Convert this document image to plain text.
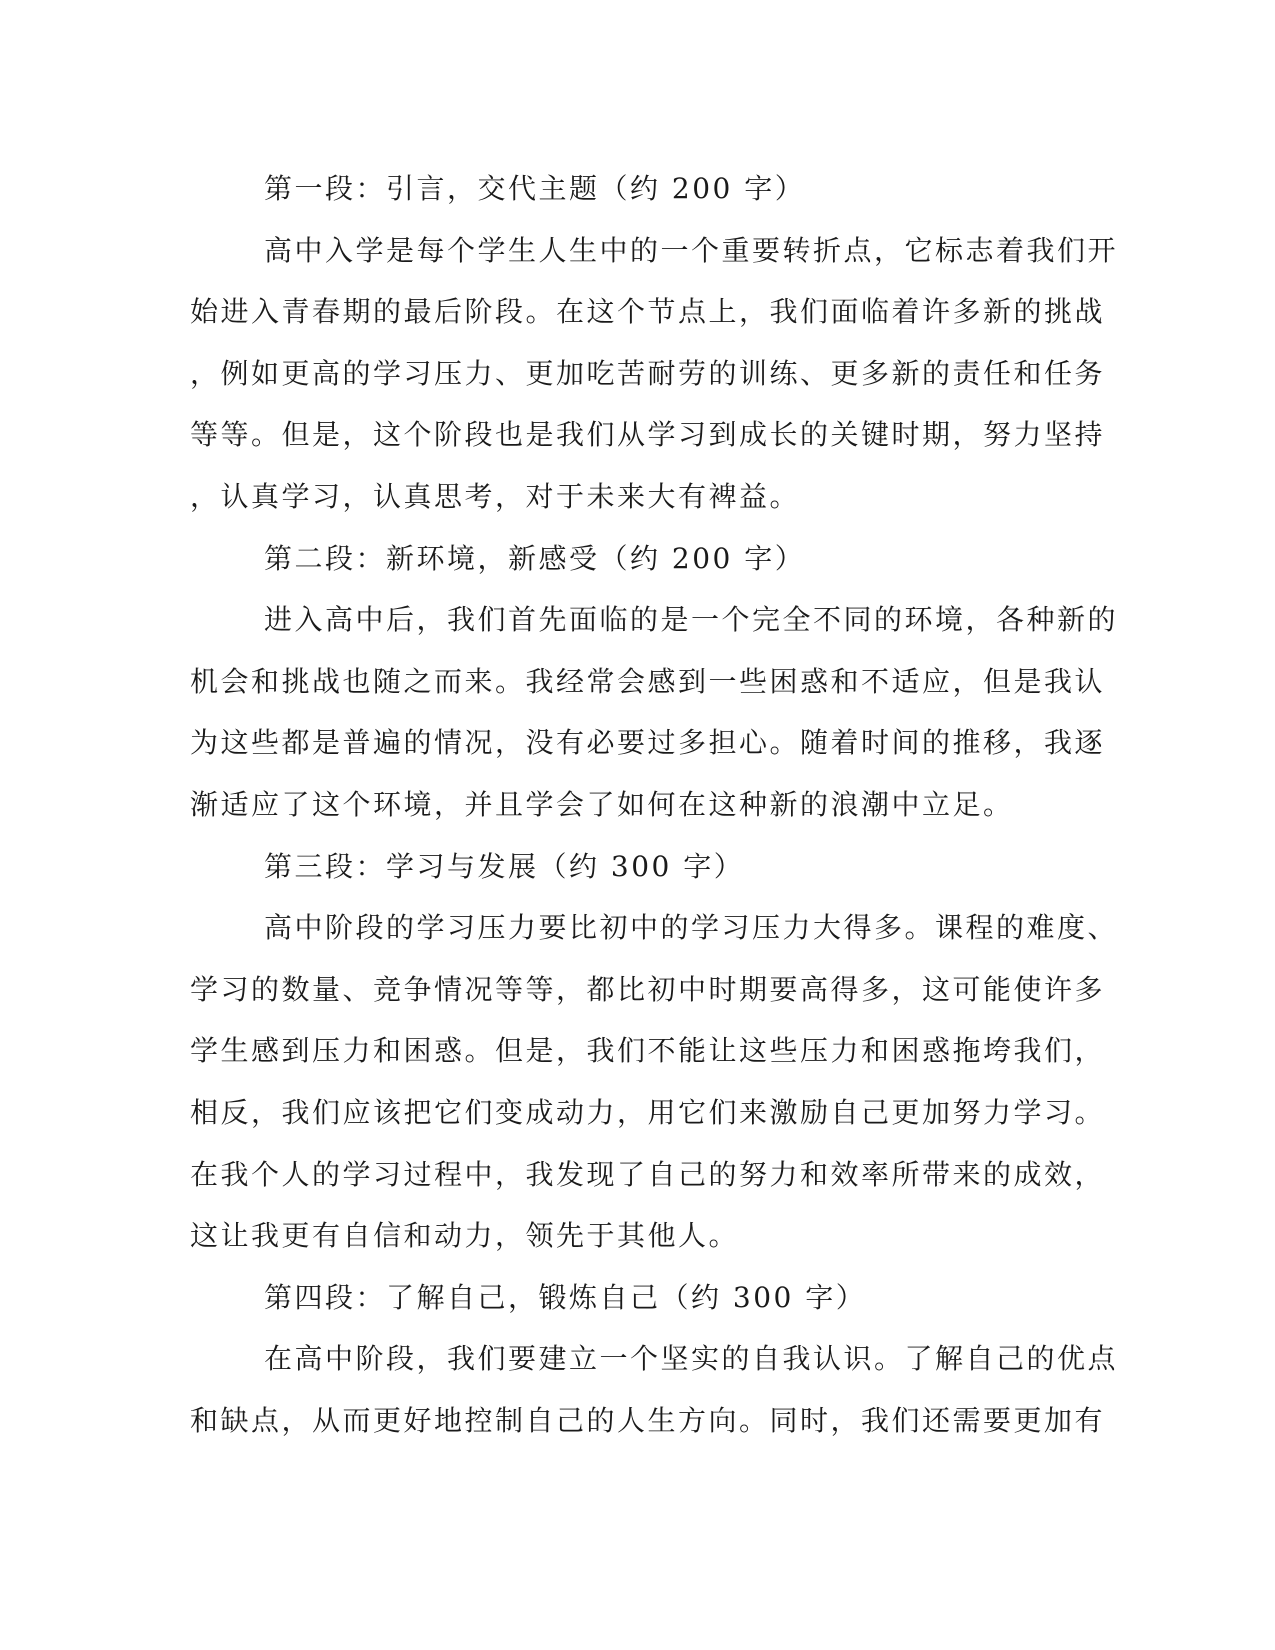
第一段：引言，交代主题（约 200 字）
高中入学是每个学生人生中的一个重要转折点，它标志着我们开
始进入青春期的最后阶段。在这个节点上，我们面临着许多新的挑战
，例如更高的学习压力、更加吃苦耐劳的训练、更多新的责任和任务
等等。但是，这个阶段也是我们从学习到成长的关键时期，努力坚持
，认真学习，认真思考，对于未来大有裨益。
第二段：新环境，新感受（约 200 字）
进入高中后，我们首先面临的是一个完全不同的环境，各种新的
机会和挑战也随之而来。我经常会感到一些困惑和不适应，但是我认
为这些都是普遍的情况，没有必要过多担心。随着时间的推移，我逐
渐适应了这个环境，并且学会了如何在这种新的浪潮中立足。
第三段：学习与发展（约 300 字）
高中阶段的学习压力要比初中的学习压力大得多。课程的难度、
学习的数量、竞争情况等等，都比初中时期要高得多，这可能使许多
学生感到压力和困惑。但是，我们不能让这些压力和困惑拖垮我们，
相反，我们应该把它们变成动力，用它们来激励自己更加努力学习。
在我个人的学习过程中，我发现了自己的努力和效率所带来的成效，
这让我更有自信和动力，领先于其他人。
第四段：了解自己，锻炼自己（约 300 字）
在高中阶段，我们要建立一个坚实的自我认识。了解自己的优点
和缺点，从而更好地控制自己的人生方向。同时，我们还需要更加有
